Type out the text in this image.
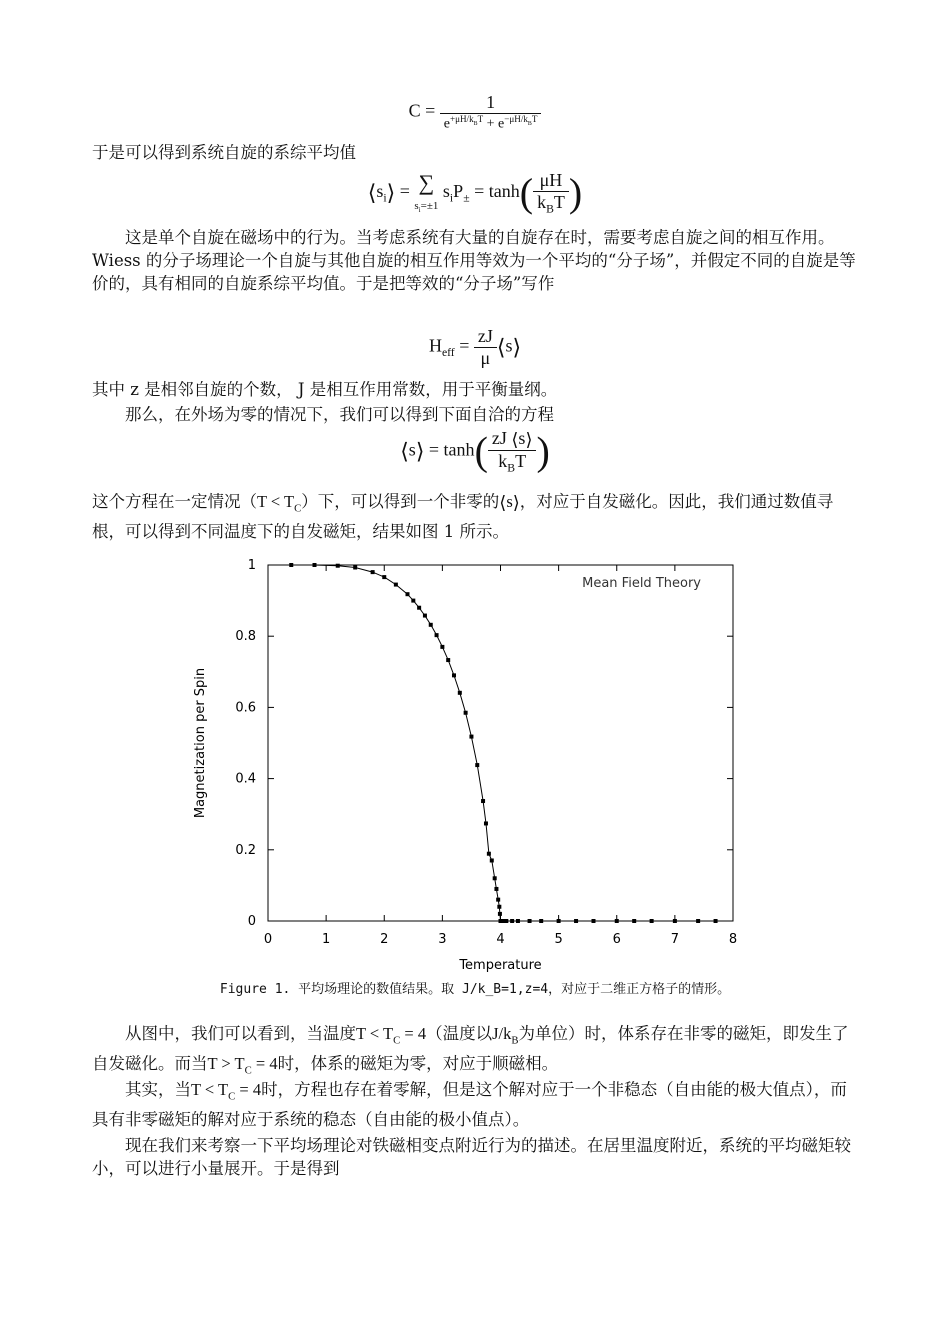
$C = \frac{1}{e^{+\mu H/k_BT} + e^{-\mu H/k_BT}}$

于是可以得到系统自旋的系综平均值

$⟨s_i⟩$ = ∑
$s_i=\pm 1$ $s_iP_\pm = \tanh( \frac{\mu H}{k_BT}$ )

这是单个自旋在磁场中的行为。当考虑系统有大量的自旋存在时，需要考虑自旋之间的相互作用。Wiess 的分子场理论一个自旋与其他自旋的相互作用等效为一个平均的“分子场”，并假定不同的自旋是等价的，具有相同的自旋系综平均值。于是把等效的“分子场”写作

$H_{eff} = \frac{zJ}{\mu}$ ⟨s⟩

其中 z 是相邻自旋的个数， J 是相互作用常数，用于平衡量纲。

那么，在外场为零的情况下，我们可以得到下面自洽的方程

⟨s⟩ = $\tanh( \frac{zJ ⟨s⟩}{k_BT}$ )

这个方程在一定情况$(T < T_C)$下，可以得到一个非零的⟨s⟩，对应于自发磁化。因此，我们通过数值寻根，可以得到不同温度下的自发磁矩，结果如图 1 所示。

0	1	2	3	4	5	6	7	8
0
0.2
0.4
0.6
0.8
1
Temperature
Magnetization per Spin
Mean Field Theory
Figure 1. 平均场理论的数值结果。取 J/k_B=1,z=4，对应于二维正方格子的情形。

从图中，我们可以看到，当温度$T < T_C = 4$（温度以$J/k_B$为单位）时，体系存在非零的磁矩，即发生了自发磁化。而当$T > T_C = 4$时，体系的磁矩为零，对应于顺磁相。

其实，当$T < T_C = 4$时，方程也存在着零解，但是这个解对应于一个非稳态（自由能的极大值点），而具有非零磁矩的解对应于系统的稳态（自由能的极小值点）。

现在我们来考察一下平均场理论对铁磁相变点附近行为的描述。在居里温度附近，系统的平均磁矩较小，可以进行小量展开。于是得到
